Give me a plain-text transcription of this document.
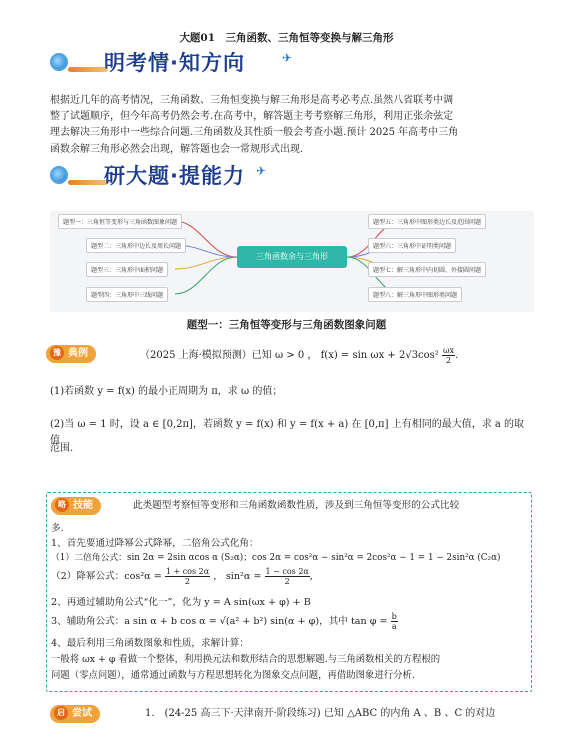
大题01　三角函数、三角恒等变换与解三角形
明考情·知方向	✈

根据近几年的高考情况，三角函数、三角恒变换与解三角形是高考必考点.虽然八省联考中调

整了试题顺序，但今年高考仍然会考.在高考中，解答题主考考察解三角形，利用正张余弦定

理去解决三角形中一些综合问题.三角函数及其性质一般会考查小题.预计 2025 年高考中三角

函数余解三角形必然会出现，解答题也会一常规形式出现.

研大题·提能力 ✈
三角函数余与三角形
题型一：三角恒等变形与三角函数图象问题
题型二：三角形中边长及周长问题
题型三：三角形中面积问题
题型四：三角形中三线问题
题型五：三角形中图形类边长及范围问题
题型六：三角形中证明类问题
题型七：解三角形中内切圆、外接圆问题
题型八：解三角形中图形类问题
题型一：三角恒等变形与三角函数图象问题
豫 典例	（2025 上海·模拟预测）已知 ω > 0 ， $f(x) = \sin \omega x + 2√3\cos^2 \frac{\omega x}{2}$ .
(1)若函数 y = f(x) 的最小正周期为 π，求 ω 的值；
(2)当 ω = 1 时，设 a ∈ [0,2π]，若函数 y = f(x) 和 y = f(x + a) 在 [0,π] 上有相同的最大值，求 a 的取值
范围.
略 技能	此类题型考察恒等变形和三角函数函数性质，涉及到三角恒等变形的公式比较
多.
1、首先要通过降幂公式降幂，二倍角公式化角：
（1）二倍角公式：sin 2α = 2sin αcos α (S₂α)；cos 2α = cos²α − sin²α = 2cos²α − 1 = 1 − 2sin²α (C₂α)
（2）降幂公式：$\cos^2\alpha = \frac{1 + \cos 2\alpha}{2}$ ， $\sin^2\alpha = \frac{1 - \cos 2\alpha}{2}$ ,
2、再通过辅助角公式“化一”，化为 y = A sin(ωx + φ) + B
3、辅助角公式：a sin α + b cos α = √(a² + b²) sin(α + φ)，其中 $\tan \varphi = \frac{b}{a}$
4、最后利用三角函数图象和性质，求解计算：
一般将 ωx + φ 看做一个整体，利用换元法和数形结合的思想解题.与三角函数相关的方程根的
问题（零点问题），通常通过函数与方程思想转化为图象交点问题，再借助图象进行分析.
启 尝试	1.　(24-25 高三下·天津南开·阶段练习) 已知 △ABC 的内角 A 、B 、C 的对边
